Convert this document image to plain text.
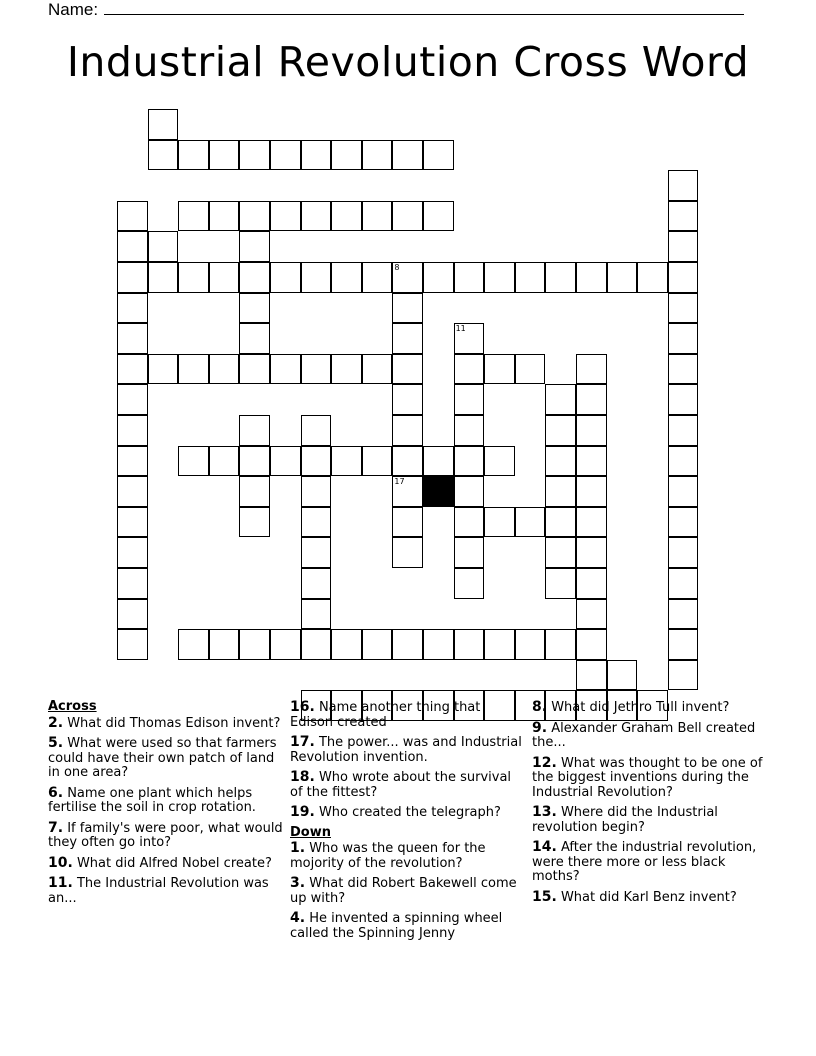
Name:
Industrial Revolution Cross Word
8
11
17
Across
2. What did Thomas Edison invent?
5. What were used so that farmers could have their own patch of land in one area?
6. Name one plant which helps fertilise the soil in crop rotation.
7. If family's were poor, what would they often go into?
10. What did Alfred Nobel create?
11. The Industrial Revolution was an...
16. Name another thing that Edison created
17. The power... was and Industrial Revolution invention.
18. Who wrote about the survival of the fittest?
19. Who created the telegraph?
Down
1. Who was the queen for the mojority of the revolution?
3. What did Robert Bakewell come up with?
4. He invented a spinning wheel called the Spinning Jenny
8. What did Jethro Tull invent?
9. Alexander Graham Bell created the...
12. What was thought to be one of the biggest inventions during the Industrial Revolution?
13. Where did the Industrial revolution begin?
14. After the industrial revolution, were there more or less black moths?
15. What did Karl Benz invent?
